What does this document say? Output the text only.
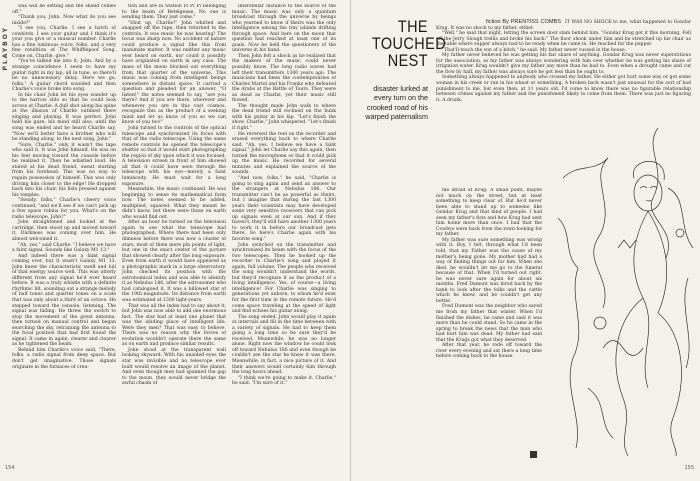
PLAYBOY

was will be setting and the shield comes off."

"Thank you, John. Now what do you see inside?"

"I see you, Charlie. I see a batch of cowbirds. I see your guitar and I think it's your you give or a musical number. Charlie has a fine luminous voice, folks, and a very fine rendition of The Whifflepoof Song. Come on, Charlie, give."

"You've talked me into it, John. And by a strange coincidence I seem to have my guitar right in my lap, all in tune, so there'll be no unnecessary delay. Here we go, folks." A guitar chord sounded and then Charlie's voice broke into song.

In his chair John let his eyes wander up to the narrow slits so that he could look across at Charlie. A dull shot along his spine at the illusion of Charlie outlined there singing and playing. It was perfect. John held his gaze, his mind still also, until the song was ended and he heard Charlie say, "Now we'll better have a brother who will be standing along, to the next song, John."

"Sure, Charlie," only it wasn't the tape who said it. It was John himself. He was on his feet moving toward the console before he realized it. Then he whistled loud. He stared at his dead friend, sweat starting from his forehead. This was no way to regain possession of himself. This was only driving him closer to the edge! He dropped back into his chair, his fists pressed against his temples.

"Steady, folks," Charlie's cheery voice continued, "and we'll see if we can't pick up a few space robins for you. What's on the radio telescope, John?"

John straightened and looked at the cartridge, then stood up and moved toward it. Darkness was coming over him. He almost welcomed it.

"Ah, yes," said Charlie. "I believe we have a faint signal. Sounds like Galaxy M1 13."

And indeed there was a faint signal coming over, but it wasn't Galaxy M1 13. John knew the characteristic swell and lull of that energy source well. This was utterly different from any signal he'd ever heard before. It was a truly whistle with a definite rhythmic lilt, sounding out a strange melody of half tones and quarter tones on a scale that was only about a third of an octave. He stepped toward the console, listening. The signal was fading. He threw the switch to stop the movement of the great antenna, then turned on manual control and began searching the sky, retraining the antenna to the focal position that had first found the signal. It came in again, clearer and clearer as he tightened the beam.

Behind him Charlie's voice said, "There, folks, a radio signal from deep space. But don't get imaginative. Those signals originate in the furnaces of crea-

tion and are in Station Pi Pi Pi belonging to the beam of Betelgeuse. No one is sending them. They just come."

"Shut up, Charlie!" John whirled and snapped off the tape, then returned to the controls. It was music he was hearing! The focus was sharp now. No accident of nature could produce a signal like this from inanimate matter. It was neither any music ever heard on earth, nor could it possibly have originated on earth in any case. The mass of the moon blocked out everything from that quarter of the universe. This music was coming from intelligent beings somewhere in distant space. It carried a question and pleaded for an answer. "O listen!" the notes seemed to say, "are you there? And if you are there, wherever and whenever you are in this vast cosmos, recognize this as the product of a seeking mind and let us know of you so we can know of you too!"

John turned to the controls of the optical telescope and synchronized its focus with that of the radio telescope. Using the same remote controls he opened the telescope's shutter so that it would start photographing the region of sky upon which it was focused. A television screen in front of him showed all that it could have seen through the telescope with his eye—merely a faint luminosity. He must wait for a long exposure.

Meanwhile, the music continued. He was beginning to sense its mathematical form now. The notes seemed to be added, multiplied, squared. What they meant he didn't know, but there were those on earth who would find out.

After an hour he turned on the television again to see what the telescope had photographed. Where there had been only dimness before there was now a cluster of stars, most of them mere pin points of light, but one in the exact center of the picture that showed clearly after the long exposure. Even from earth it would have appeared as a photographic mark in a large observatory. John checked its position with the astronomical index and was able to identify it as Nebulus 186, after the astronomer who had catalogued it. It was a billowed star of the 19th magnitude. Its distance from earth was estimated at 1300 light-years.

That was all the index had to say about it, but John was now able to add one enormous fact. The star had at least one planet that was the abiding place of intelligent life. Were they men? That was easy to believe. There was no reason why the forces of evolution wouldn't operate there the same as on earth and produce similar results.

John stood at the transparent wall looking skyward. With his unaided eyes the star was invisible and no telescope ever built would resolve an image of the planet. And even though men had spanned the gap to the moon, they would never bridge the awful chasm of

interstellar distance to the source of the music. The music was only a quantum broadcast through the universe by beings who yearned to know if theirs was the only intelligence among the tiny islands drifting through space. And here on the moon that question had reached at least one of its goals. Now he held the questioners of the universe in his hand.

Then John felt a shock as he realized that the makers of the music could never possibly know. The long radio waves had left their transmitters 1300 years ago. The musicians had been the contemporaries of Charles Martel and his Franks who defeated the Arabs at the Battle of Tours. They were as dead as Charlie, yet their music still flowed.

The thought made John walk to where the dead friend still reclined on the bunk with his guitar in his lap. "Let's finish the show, Charlie," John whispered. "Let's finish it right."

He reversed the reel on the recorder and erased everything back to where Charlie said, "Ah, yes. I believe we have a faint signal." John let Charlie say this again, then turned the microphone so that it could pick up the music. He recorded for several minutes and explained the source of the sounds.

"And now, folks," he said, "Charlie is going to sing again and send an answer to the strangers at Nebulus 186. Our transmitter can't be as powerful as theirs, but I imagine that during the last 1300 years their scientists may have developed some very sensitive receivers that can pick up signals even at our sun. And if they haven't, they'll still have another 1300 years to work it in before our broadcast gets there. So here's Charlie again with his favorite song."

John switched on the transmitter and synchronized its beam with the focus of the two telescopes. Then he hooked up the recorder to Charlie's song and played it again, full volume. The people who received the song wouldn't understand the words, but they'd recognize it as the product of a living intelligence. Yes, of course—a living intelligence! For Charlie was singing to generations yet unborn, to whom he'd exist for the first time in the remote future. He'd come space traveling at the speed of light and find echoes his guitar along.

The song ended. John would play it again at intervals and fill in the time between with a variety of signals. He had to keep them going a long time so he sure they'd be received. Meanwhile, he was no longer alone. Right now the window he could look off toward Nebulus 186 and even though he couldn't see the star he knew it was there. Meanwhile, in fact, a nice picture of it. And their answers would certainly him through the long hours ahead.

"I think we're going to make it, Charlie," he said. "I'm sure of it."

154
THE
TOUCHED
NEST
disaster lurked at every turn on the crooked road of his warped paternalism

fiction By PRENTISS COMBS IT WAS NO SHOCK to me, what happened to Gondar Krug. It was no shock to my father, either.

"Well," he said that night, letting the screen door slam behind him, "Gondar Krug got it this morning. Fell off the Jerry Slough trellis and broke his back." The floor shook under him and he stretched up his chair as the table where supper always had to be ready when he came in. He reached for the pepper.

"That'll teach the son of a bitch," he said. My father never cussed in the house.

My father never believed he was getting his fair share of anything. Gondar Krug was never superstitious for the association, so my father was always wondering with him over whether he was getting his share of irrigation water. Krug wouldn't give my father any more than he had to. Even when a drought came and cut the flow by half, my father was always sure he got less than he ought to.

Something always happened to anybody who crossed my father. He either got hurt some way or got some woman in his creek or ran in his wheat or something. A broken back wasn't just unusual for the sort of bad punishment to me, but even then, at 11 years old, I'd come to know there was no figurable relationship between crimes against my father and the punishment likely to come from them. There was just no figuring it. A drunk.

me afraid of Krug. A small point, maybe not much on the street, but at least something to keep clear of. But he'd never been able to stand up to someone like Gondar Krug and that kind of people. I had seen my father's fists and how Krug had sent him home more than once. I had that the Cowbys were back from the town looking for my father.

My father was sure something was wrong with it. Boy, I felt, through what I'd been told, that my Father was the cause of my mother's being gone. My mother had had a way of finding things out for him. When she died, he wouldn't let me go to the funeral because of that. When I'd turned out right, he was never sure again for about six months. Fred Dumont was hired back by the bank to look after the folks and the cattle which he knew, and he couldn't get any better.

Fred Dumont was the neighbor who saved me from my father that winter. When I'd finished the dishes, he came and said it was more than he could stand. So he came in the spring to break the news that the man who had hurt him was dead. My father had said that the Krugs got what they deserved.

After that year, he rode off toward the river every evening and sat there a long time before coming back to the house.

155
